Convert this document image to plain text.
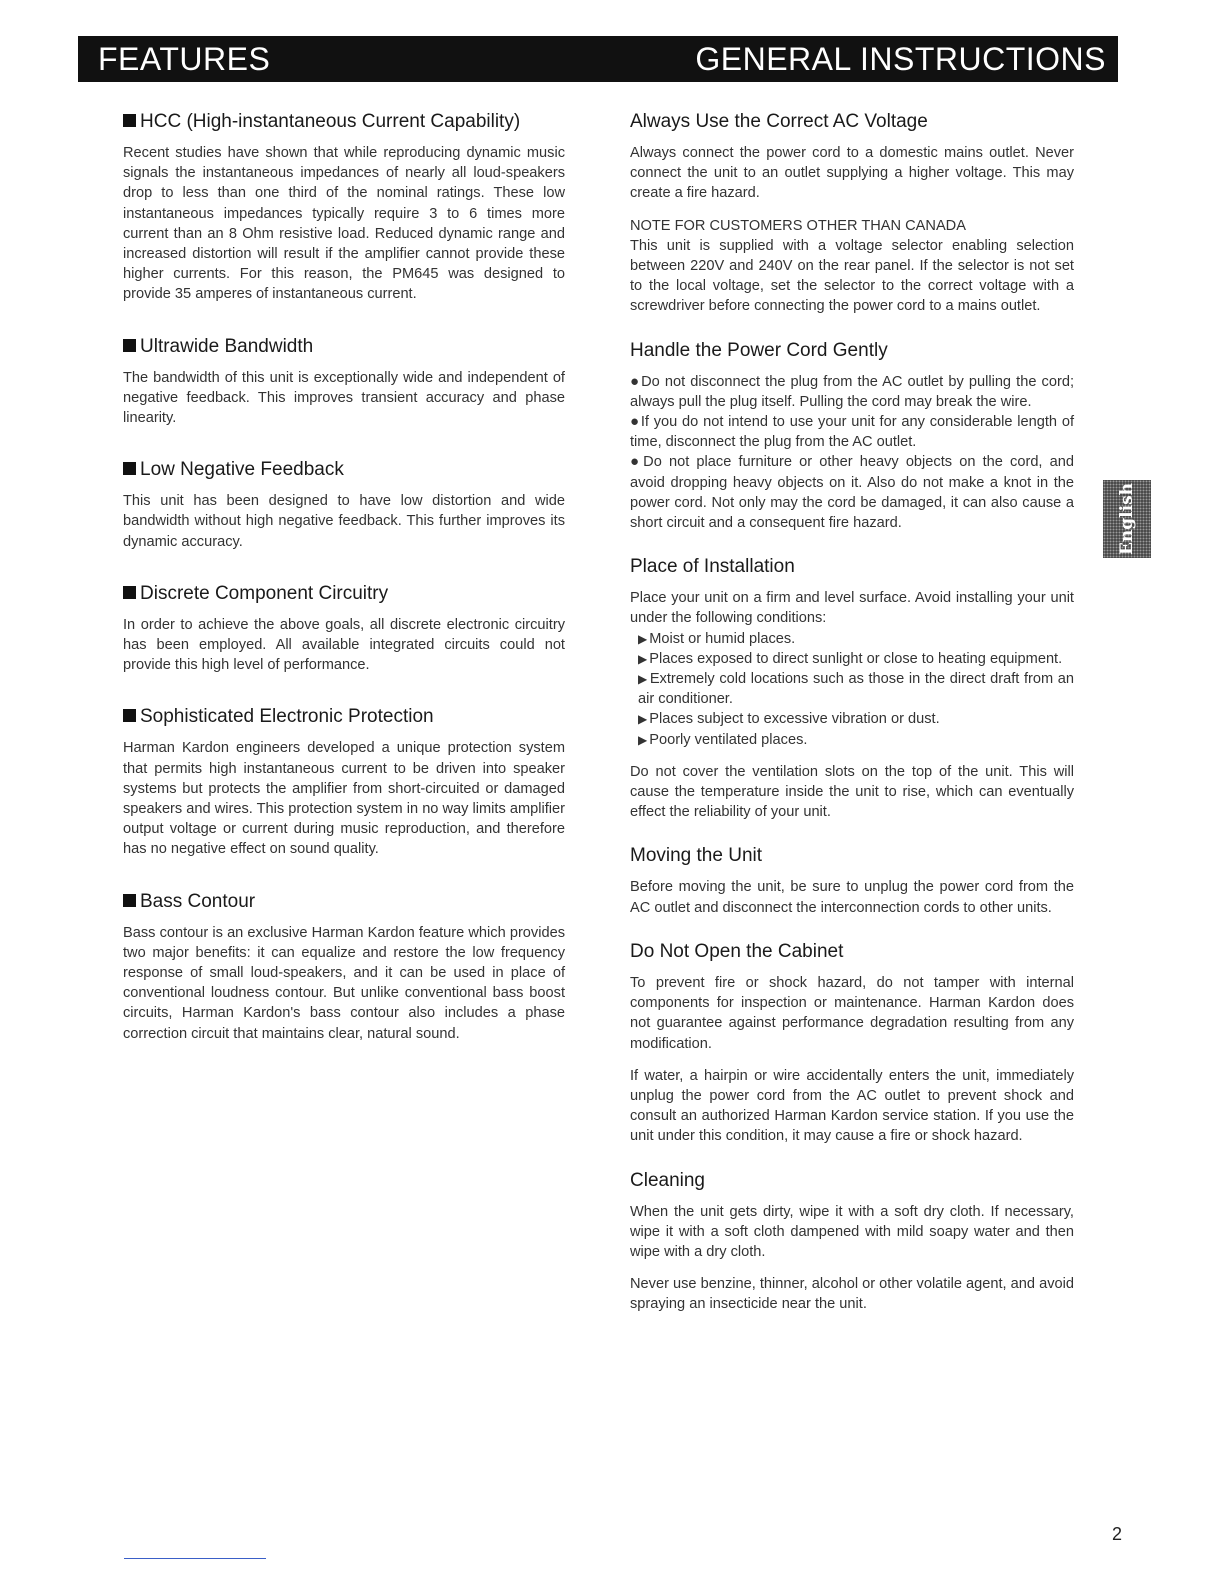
FEATURES	GENERAL INSTRUCTIONS
HCC (High-instantaneous Current Capability)

Recent studies have shown that while reproducing dynamic music signals the instantaneous impedances of nearly all loud-speakers drop to less than one third of the nominal ratings. These low instantaneous impedances typically require 3 to 6 times more current than an 8 Ohm resistive load. Reduced dynamic range and increased distortion will result if the amplifier cannot provide these higher currents. For this reason, the PM645 was designed to provide 35 amperes of instantaneous current.

Ultrawide Bandwidth

The bandwidth of this unit is exceptionally wide and independent of negative feedback. This improves transient accuracy and phase linearity.

Low Negative Feedback

This unit has been designed to have low distortion and wide bandwidth without high negative feedback. This further improves its dynamic accuracy.

Discrete Component Circuitry

In order to achieve the above goals, all discrete electronic circuitry has been employed. All available integrated circuits could not provide this high level of performance.

Sophisticated Electronic Protection

Harman Kardon engineers developed a unique protection system that permits high instantaneous current to be driven into speaker systems but protects the amplifier from short-circuited or damaged speakers and wires. This protection system in no way limits amplifier output voltage or current during music reproduction, and therefore has no negative effect on sound quality.

Bass Contour

Bass contour is an exclusive Harman Kardon feature which provides two major benefits: it can equalize and restore the low frequency response of small loud-speakers, and it can be used in place of conventional loudness contour. But unlike conventional bass boost circuits, Harman Kardon's bass contour also includes a phase correction circuit that maintains clear, natural sound.

Always Use the Correct AC Voltage

Always connect the power cord to a domestic mains outlet. Never connect the unit to an outlet supplying a higher voltage. This may create a fire hazard.

NOTE FOR CUSTOMERS OTHER THAN CANADA

This unit is supplied with a voltage selector enabling selection between 220V and 240V on the rear panel. If the selector is not set to the local voltage, set the selector to the correct voltage with a screwdriver before connecting the power cord to a mains outlet.

Handle the Power Cord Gently

●Do not disconnect the plug from the AC outlet by pulling the cord; always pull the plug itself. Pulling the cord may break the wire.

●If you do not intend to use your unit for any considerable length of time, disconnect the plug from the AC outlet.

●Do not place furniture or other heavy objects on the cord, and avoid dropping heavy objects on it. Also do not make a knot in the power cord. Not only may the cord be damaged, it can also cause a short circuit and a consequent fire hazard.

Place of Installation

Place your unit on a firm and level surface. Avoid installing your unit under the following conditions:

▶ Moist or humid places.

▶ Places exposed to direct sunlight or close to heating equipment.

▶ Extremely cold locations such as those in the direct draft from an air conditioner.

▶ Places subject to excessive vibration or dust.

▶ Poorly ventilated places.

Do not cover the ventilation slots on the top of the unit. This will cause the temperature inside the unit to rise, which can eventually effect the reliability of your unit.

Moving the Unit

Before moving the unit, be sure to unplug the power cord from the AC outlet and disconnect the interconnection cords to other units.

Do Not Open the Cabinet

To prevent fire or shock hazard, do not tamper with internal components for inspection or maintenance. Harman Kardon does not guarantee against performance degradation resulting from any modification.

If water, a hairpin or wire accidentally enters the unit, immediately unplug the power cord from the AC outlet to prevent shock and consult an authorized Harman Kardon service station. If you use the unit under this condition, it may cause a fire or shock hazard.

Cleaning

When the unit gets dirty, wipe it with a soft dry cloth. If necessary, wipe it with a soft cloth dampened with mild soapy water and then wipe with a dry cloth.

Never use benzine, thinner, alcohol or other volatile agent, and avoid spraying an insecticide near the unit.

English
2
